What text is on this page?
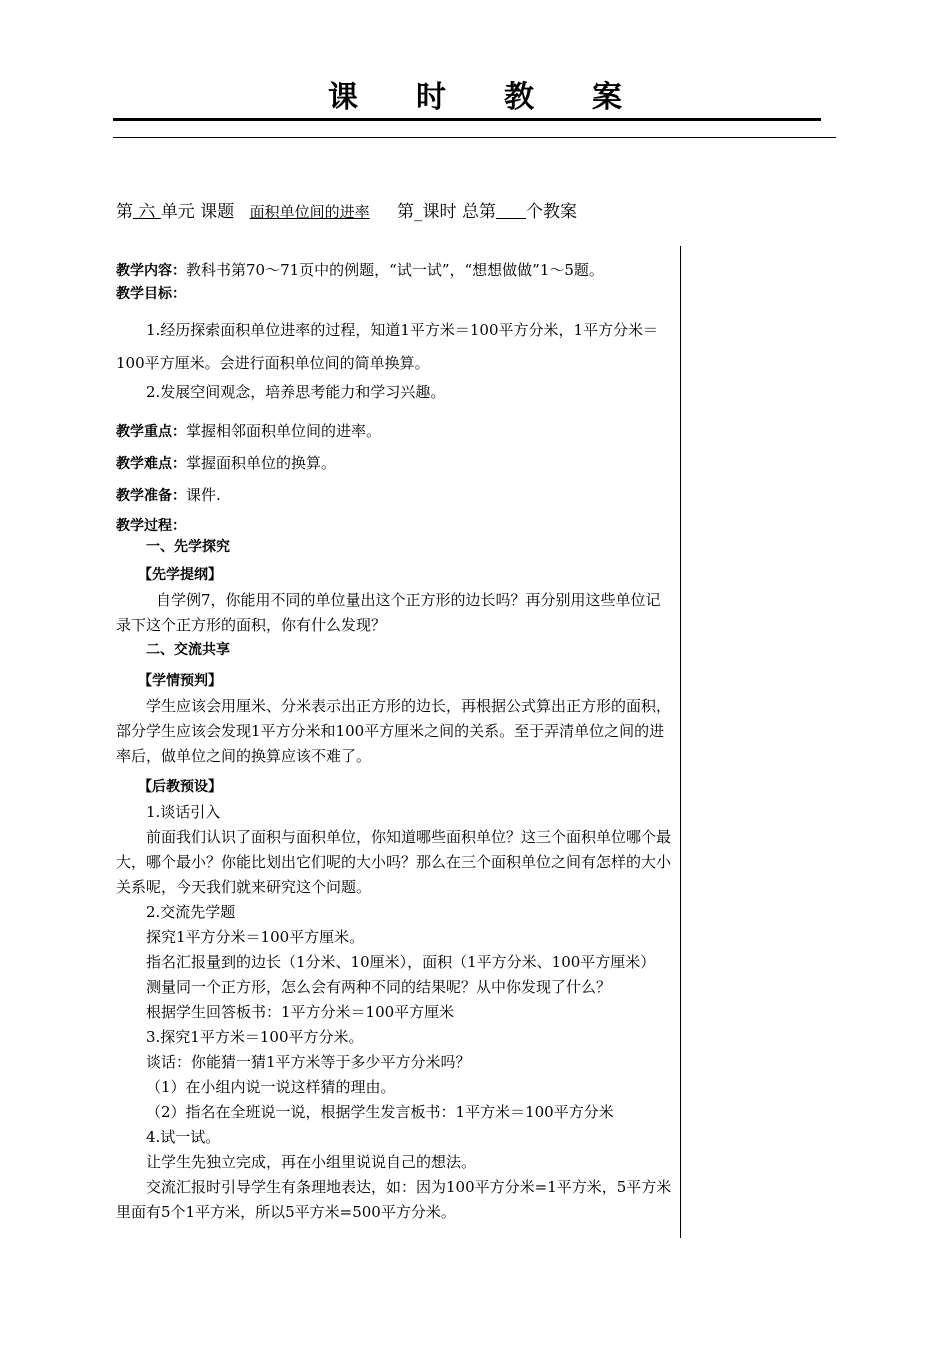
课时教案
第 六 单元 课题 面积单位间的进率 第_课时 总第 个教案

教学内容：教科书第70～71页中的例题，“试一试”，“想想做做”1～5题。

教学目标：

1.经历探索面积单位进率的过程，知道1平方米＝100平方分米，1平方分米＝100平方厘米。会进行面积单位间的简单换算。

2.发展空间观念，培养思考能力和学习兴趣。

教学重点：掌握相邻面积单位间的进率。

教学难点：掌握面积单位的换算。

教学准备：课件.

教学过程：

一、先学探究

【先学提纲】

自学例7，你能用不同的单位量出这个正方形的边长吗？再分别用这些单位记录下这个正方形的面积，你有什么发现？

二、交流共享

【学情预判】

学生应该会用厘米、分米表示出正方形的边长，再根据公式算出正方形的面积，部分学生应该会发现1平方分米和100平方厘米之间的关系。至于弄清单位之间的进率后，做单位之间的换算应该不难了。

【后教预设】

1.谈话引入

前面我们认识了面积与面积单位，你知道哪些面积单位？这三个面积单位哪个最大，哪个最小？你能比划出它们呢的大小吗？那么在三个面积单位之间有怎样的大小关系呢，今天我们就来研究这个问题。

2.交流先学题

探究1平方分米＝100平方厘米。

指名汇报量到的边长（1分米、10厘米），面积（1平方分米、100平方厘米）

测量同一个正方形，怎么会有两种不同的结果呢？从中你发现了什么？

根据学生回答板书：1平方分米＝100平方厘米

3.探究1平方米＝100平方分米。

谈话：你能猜一猜1平方米等于多少平方分米吗？

（1）在小组内说一说这样猜的理由。

（2）指名在全班说一说，根据学生发言板书：1平方米＝100平方分米

4.试一试。

让学生先独立完成，再在小组里说说自己的想法。

交流汇报时引导学生有条理地表达，如：因为100平方分米=1平方米，5平方米里面有5个1平方米，所以5平方米=500平方分米。
